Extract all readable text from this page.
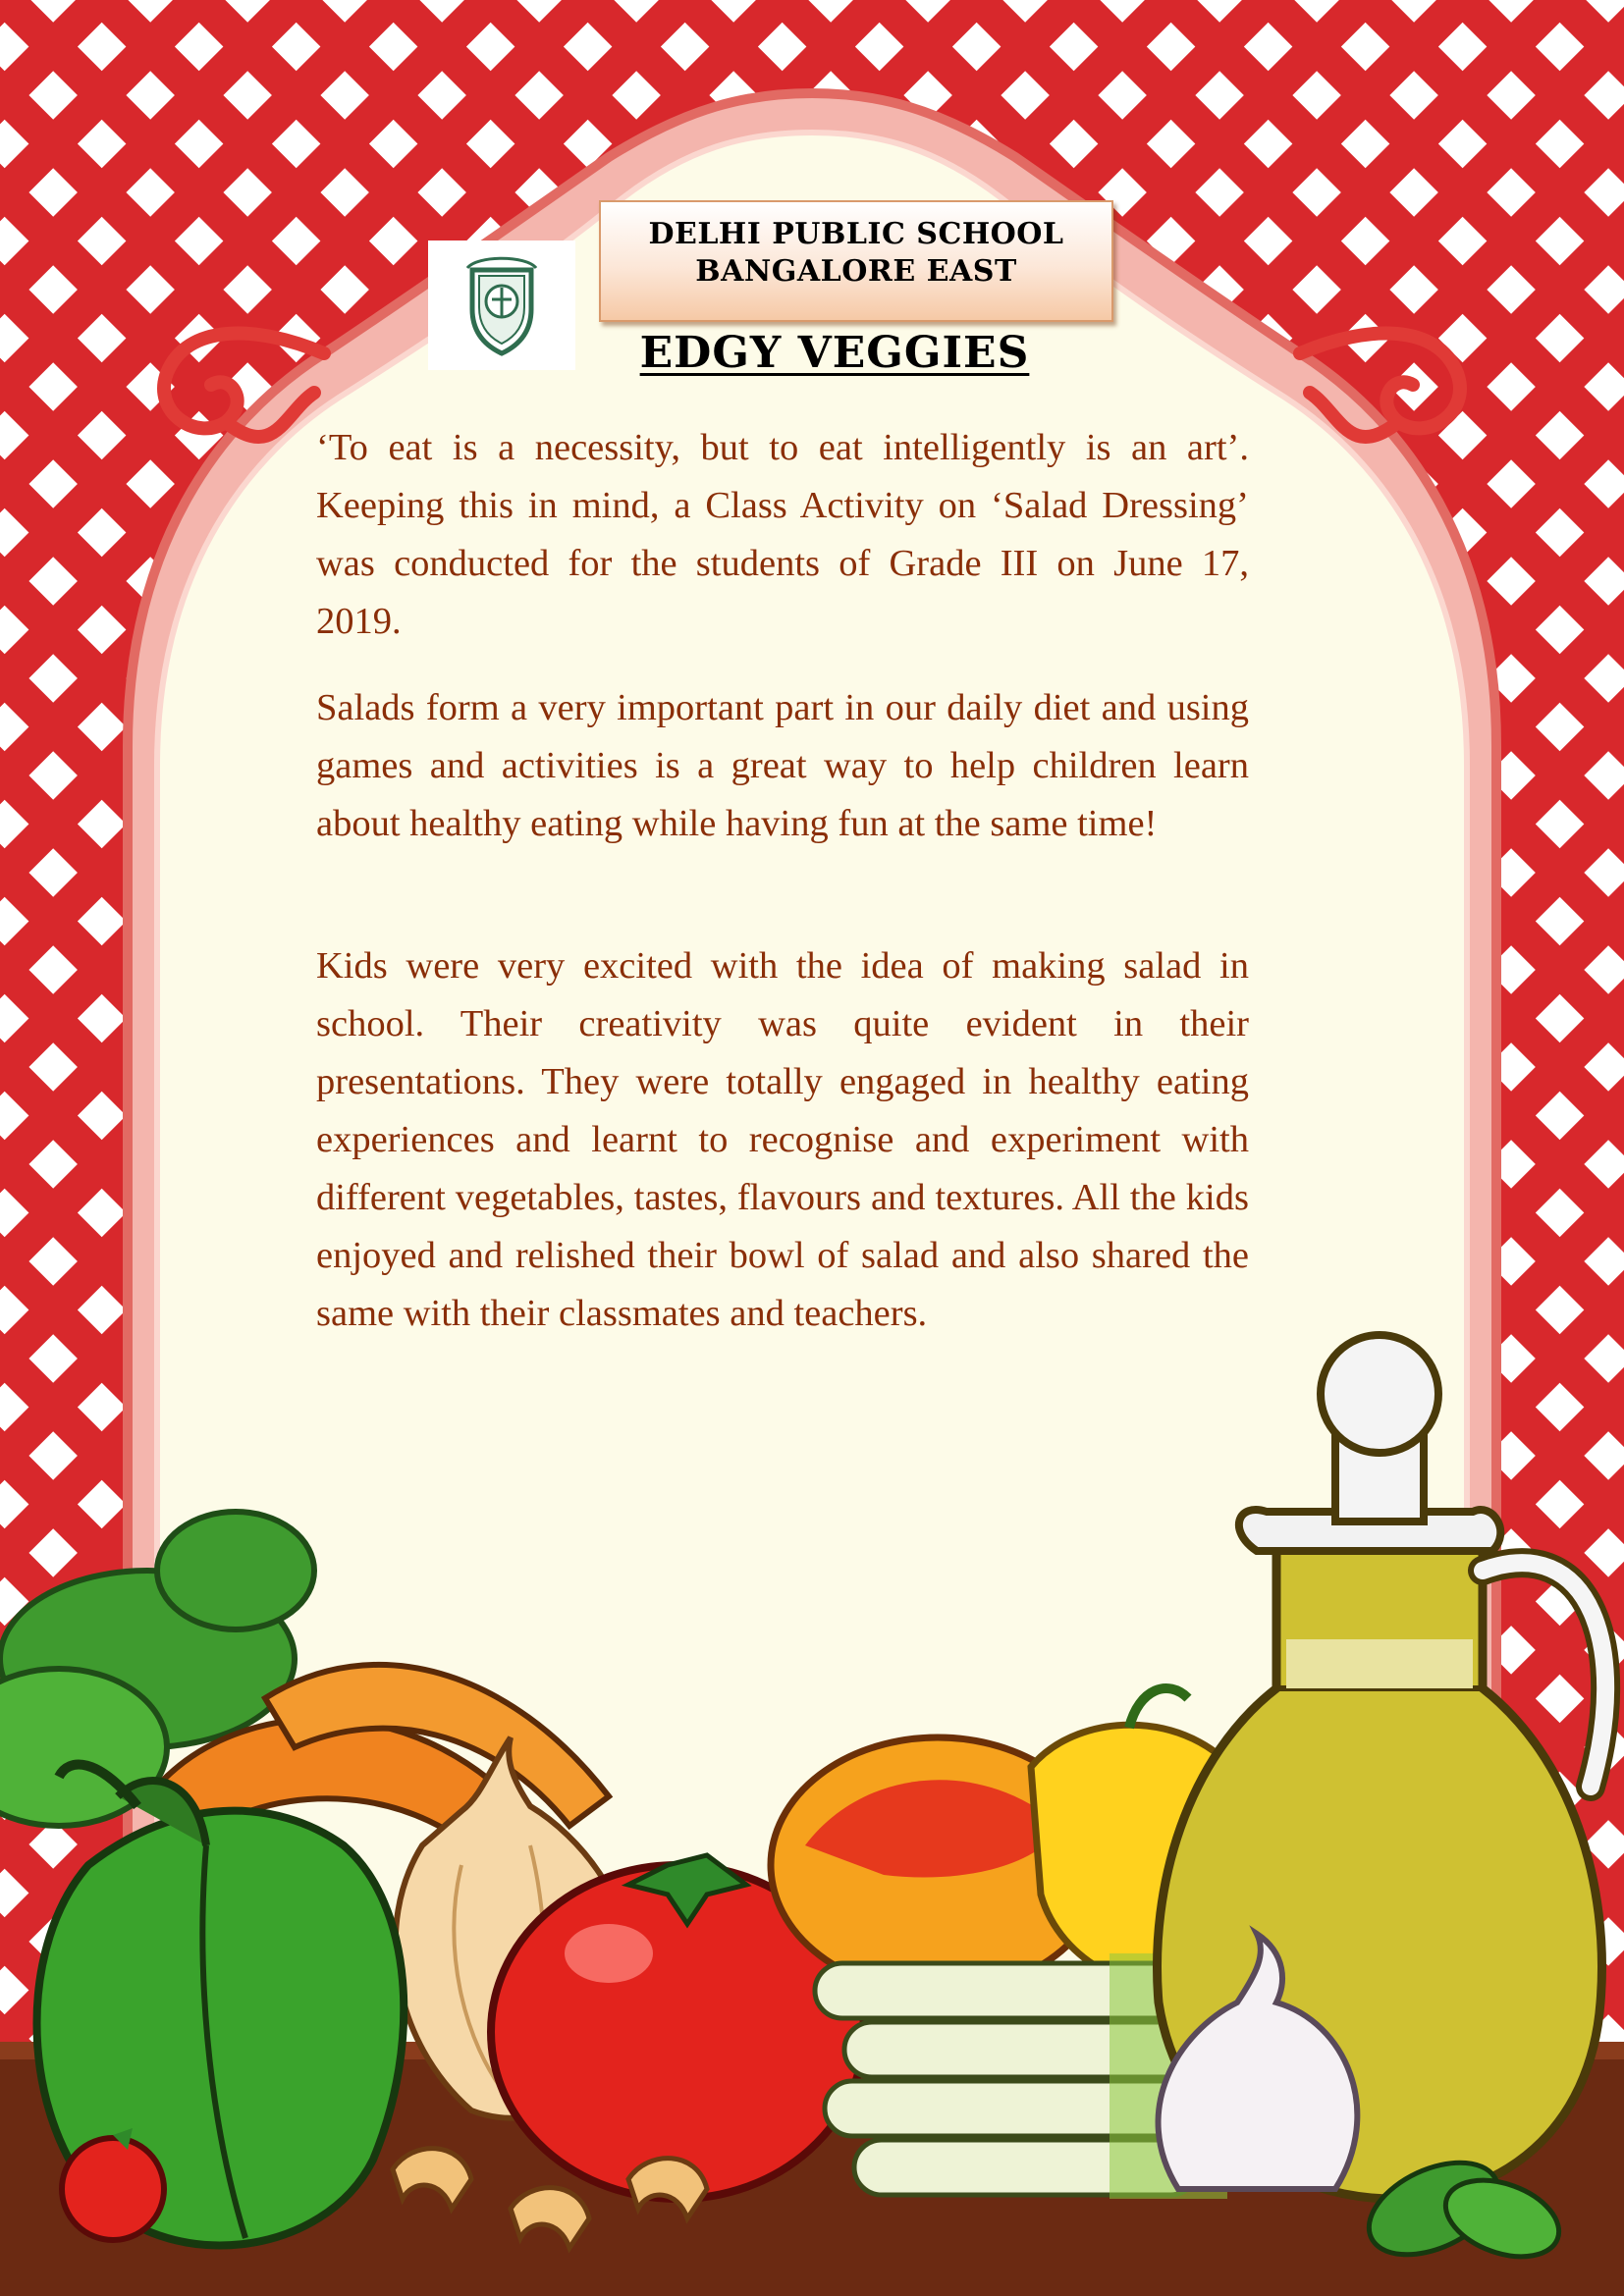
DELHI PUBLIC SCHOOL
BANGALORE EAST
EDGY VEGGIES

‘To eat is a necessity, but to eat intelligently is an art’. Keeping this in mind, a Class Activity on ‘Salad Dressing’ was conducted for the students of Grade III on June 17, 2019.

Salads form a very important part in our daily diet and using games and activities is a great way to help children learn about healthy eating while having fun at the same time!

Kids were very excited with the idea of making salad in school. Their creativity was quite evident in their presentations. They were totally engaged in healthy eating experiences and learnt to recognise and experiment with different vegetables, tastes, flavours and textures. All the kids enjoyed and relished their bowl of salad and also shared the same with their classmates and teachers.
